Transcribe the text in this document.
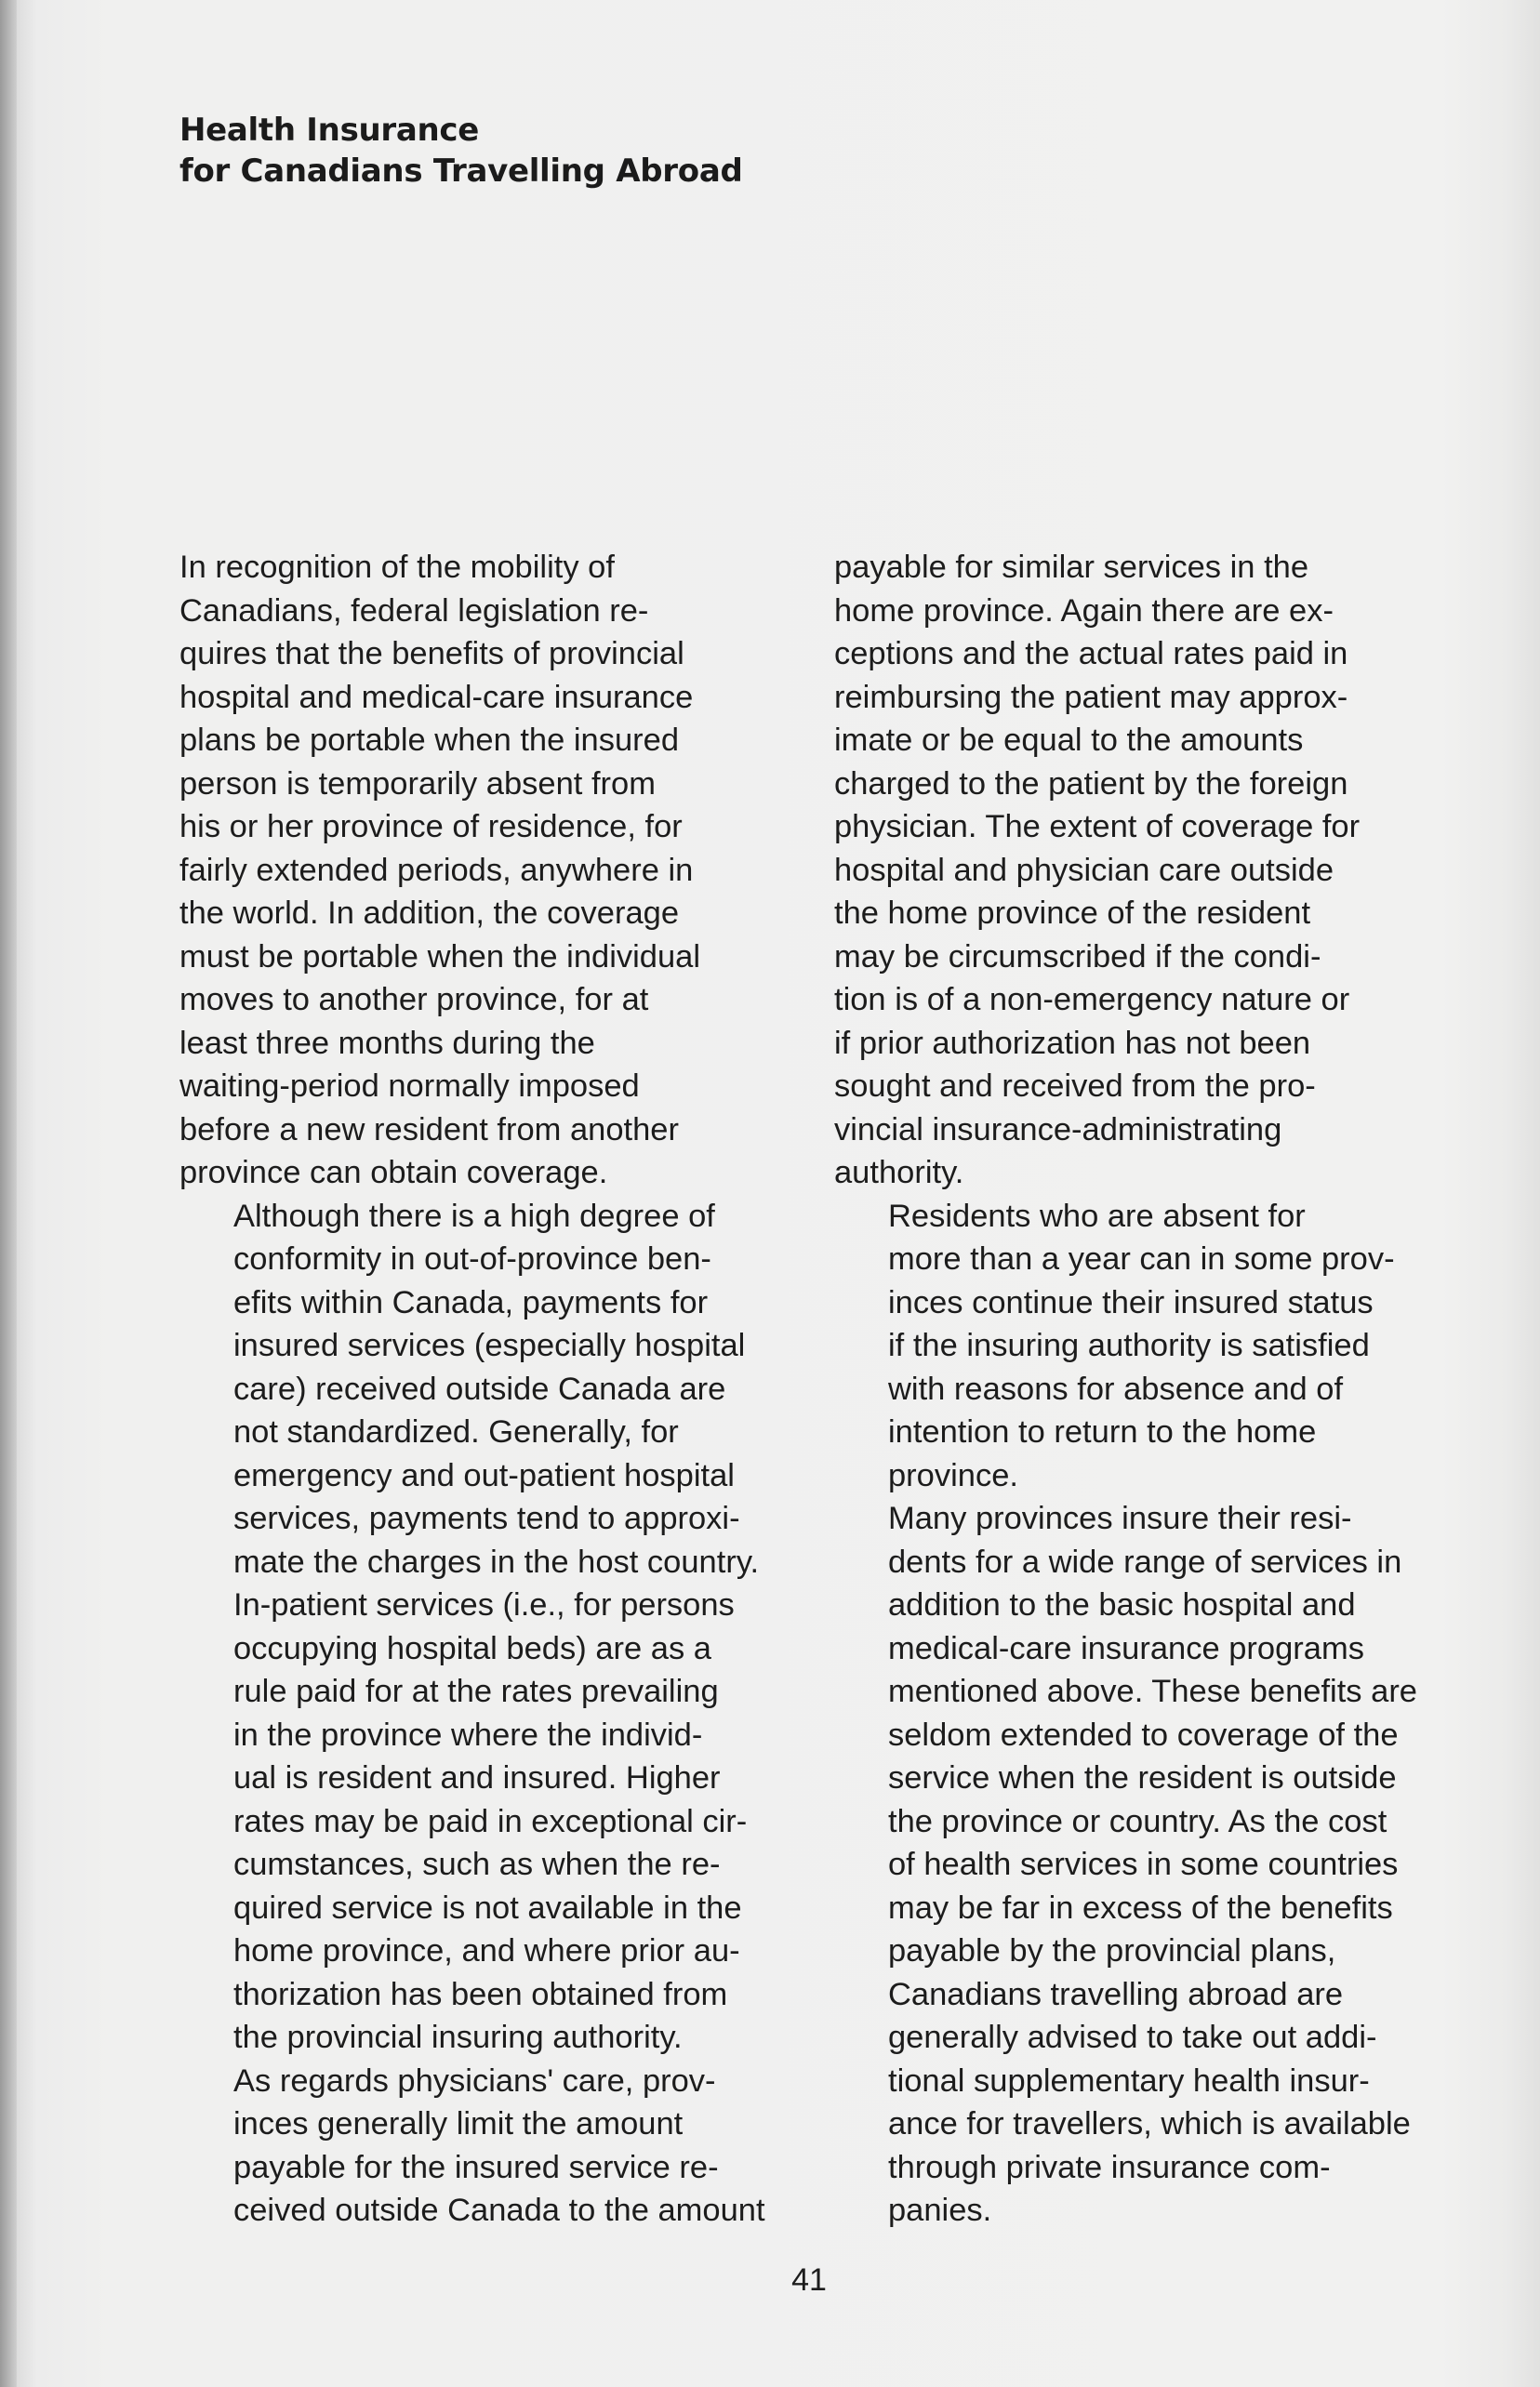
Health Insurance
for Canadians Travelling Abroad

In recognition of the mobility of
Canadians, federal legislation re-
quires that the benefits of provincial
hospital and medical-care insurance
plans be portable when the insured
person is temporarily absent from
his or her province of residence, for
fairly extended periods, anywhere in
the world. In addition, the coverage
must be portable when the individual
moves to another province, for at
least three months during the
waiting-period normally imposed
before a new resident from another
province can obtain coverage.

Although there is a high degree of
conformity in out-of-province ben-
efits within Canada, payments for
insured services (especially hospital
care) received outside Canada are
not standardized. Generally, for
emergency and out-patient hospital
services, payments tend to approxi-
mate the charges in the host country.
In-patient services (i.e., for persons
occupying hospital beds) are as a
rule paid for at the rates prevailing
in the province where the individ-
ual is resident and insured. Higher
rates may be paid in exceptional cir-
cumstances, such as when the re-
quired service is not available in the
home province, and where prior au-
thorization has been obtained from
the provincial insuring authority.

As regards physicians' care, prov-
inces generally limit the amount
payable for the insured service re-
ceived outside Canada to the amount

payable for similar services in the
home province. Again there are ex-
ceptions and the actual rates paid in
reimbursing the patient may approx-
imate or be equal to the amounts
charged to the patient by the foreign
physician. The extent of coverage for
hospital and physician care outside
the home province of the resident
may be circumscribed if the condi-
tion is of a non-emergency nature or
if prior authorization has not been
sought and received from the pro-
vincial insurance-administrating
authority.

Residents who are absent for
more than a year can in some prov-
inces continue their insured status
if the insuring authority is satisfied
with reasons for absence and of
intention to return to the home
province.

Many provinces insure their resi-
dents for a wide range of services in
addition to the basic hospital and
medical-care insurance programs
mentioned above. These benefits are
seldom extended to coverage of the
service when the resident is outside
the province or country. As the cost
of health services in some countries
may be far in excess of the benefits
payable by the provincial plans,
Canadians travelling abroad are
generally advised to take out addi-
tional supplementary health insur-
ance for travellers, which is available
through private insurance com-
panies.

41
